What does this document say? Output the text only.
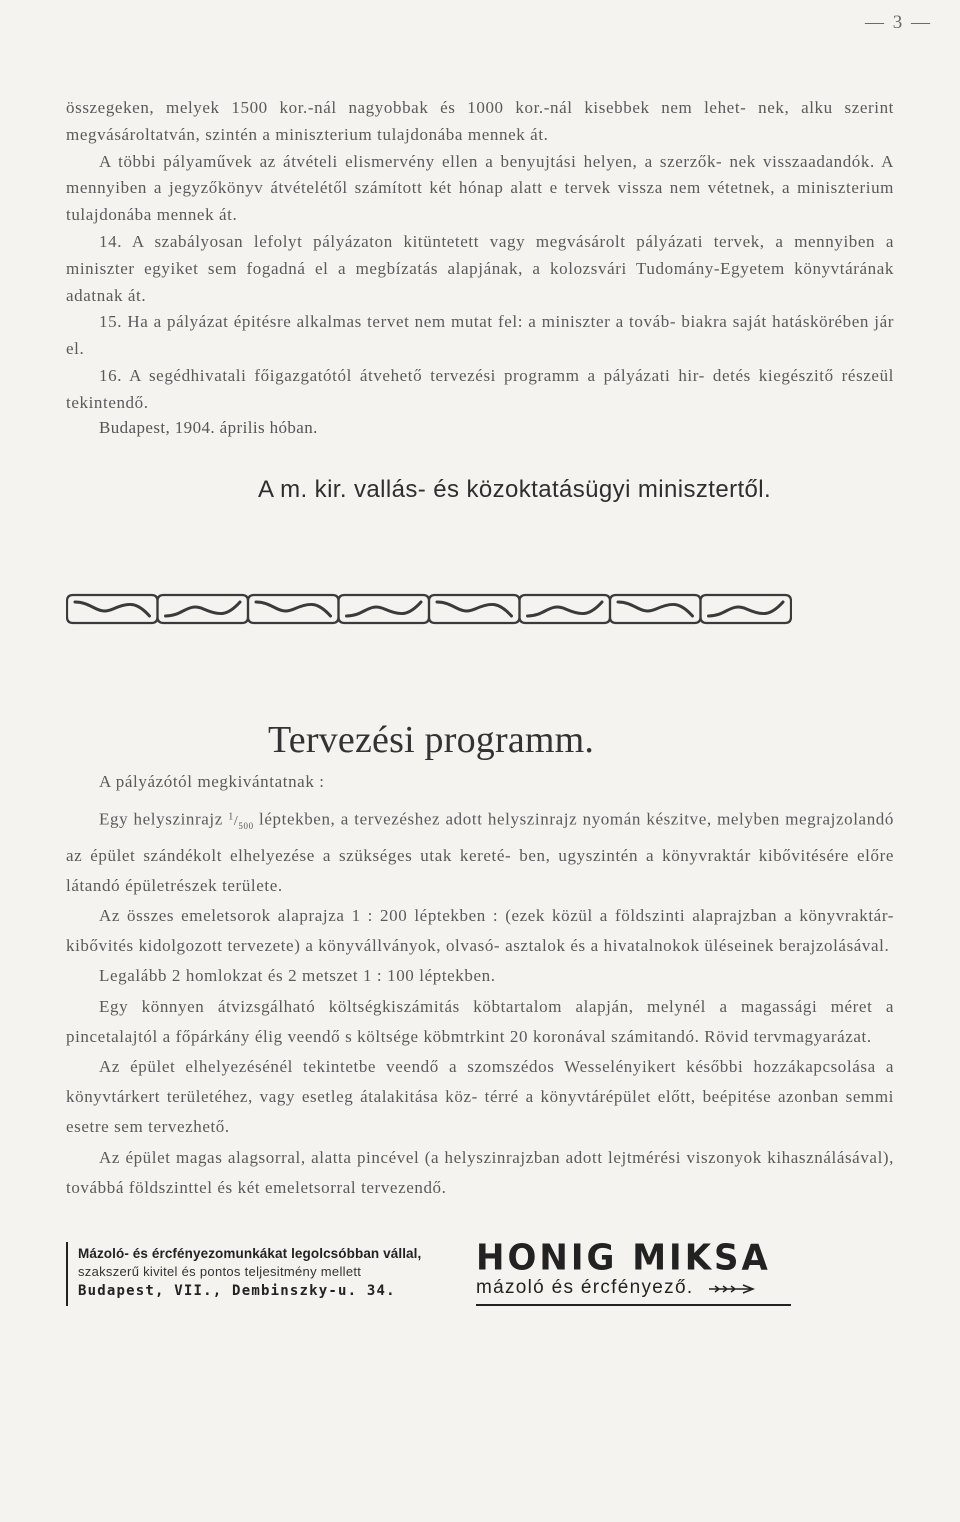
— 3 —

összegeken, melyek 1500 kor.-nál nagyobbak és 1000 kor.-nál kisebbek nem lehet- nek, alku szerint megvásároltatván, szintén a miniszterium tulajdonába mennek át.

A többi pályaművek az átvételi elismervény ellen a benyujtási helyen, a szerzők- nek visszaadandók. A mennyiben a jegyzőkönyv átvételétől számított két hónap alatt e tervek vissza nem vétetnek, a miniszterium tulajdonába mennek át.

14. A szabályosan lefolyt pályázaton kitüntetett vagy megvásárolt pályázati tervek, a mennyiben a miniszter egyiket sem fogadná el a megbízatás alapjának, a kolozsvári Tudomány-Egyetem könyvtárának adatnak át.

15. Ha a pályázat épitésre alkalmas tervet nem mutat fel: a miniszter a továb- biakra saját hatáskörében jár el.

16. A segédhivatali főigazgatótól átvehető tervezési programm a pályázati hir- detés kiegészitő részeül tekintendő.

Budapest, 1904. április hóban.
A m. kir. vallás- és közoktatásügyi minisztertől.
Tervezési programm.
A pályázótól megkivántatnak :

Egy helyszinrajz $^1/_{500}$ léptekben, a tervezéshez adott helyszinrajz nyomán készitve, melyben megrajzolandó az épület szándékolt elhelyezése a szükséges utak kereté- ben, ugyszintén a könyvraktár kibővitésére előre látandó épületrészek területe.

Az összes emeletsorok alaprajza 1 : 200 léptekben : (ezek közül a földszinti alaprajzban a könyvraktár-kibővités kidolgozott tervezete) a könyvállványok, olvasó- asztalok és a hivatalnokok üléseinek berajzolásával.

Legalább 2 homlokzat és 2 metszet 1 : 100 léptekben.

Egy könnyen átvizsgálható költségkiszámitás köbtartalom alapján, melynél a magassági méret a pincetalajtól a főpárkány élig veendő s költsége köbmtrkint 20 koronával számitandó. Rövid tervmagyarázat.

Az épület elhelyezésénél tekintetbe veendő a szomszédos Wesselényikert későbbi hozzákapcsolása a könyvtárkert területéhez, vagy esetleg átalakitása köz- térré a könyvtárépület előtt, beépitése azonban semmi esetre sem tervezhető.

Az épület magas alagsorral, alatta pincével (a helyszinrajzban adott lejtmérési viszonyok kihasználásával), továbbá földszinttel és két emeletsorral tervezendő.

Mázoló- és ércfényezomunkákat legolcsóbban vállal,
szakszerű kivitel és pontos teljesitmény mellett
Budapest, VII., Dembinszky-u. 34.
HONIG MIKSA
mázoló és ércfényező.
